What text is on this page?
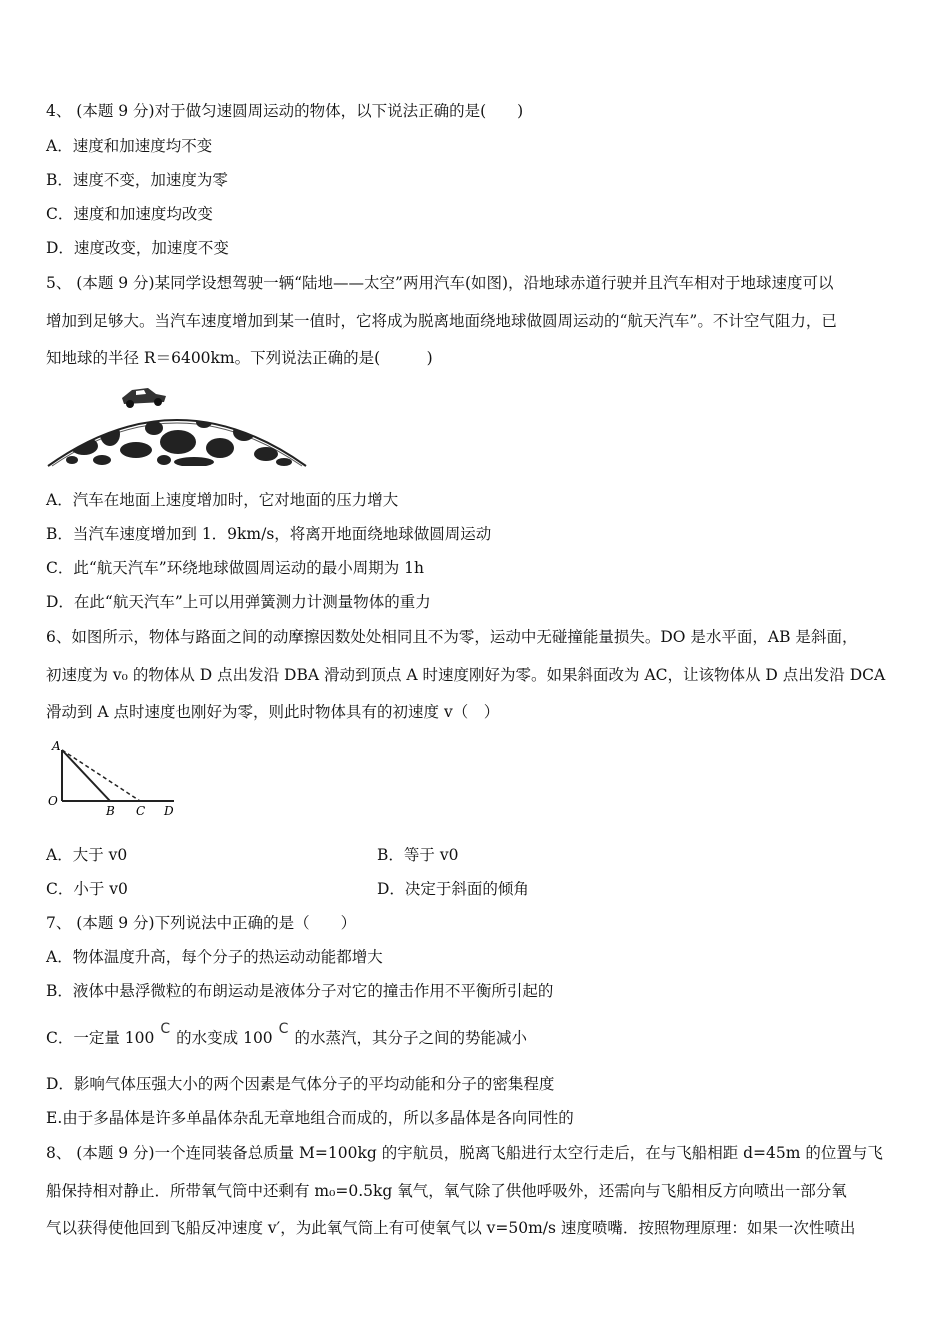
4、 (本题 9 分)对于做匀速圆周运动的物体，以下说法正确的是(　　)
A．速度和加速度均不变
B．速度不变，加速度为零
C．速度和加速度均改变
D．速度改变，加速度不变
5、 (本题 9 分)某同学设想驾驶一辆“陆地——太空”两用汽车(如图)，沿地球赤道行驶并且汽车相对于地球速度可以
增加到足够大。当汽车速度增加到某一值时，它将成为脱离地面绕地球做圆周运动的“航天汽车”。不计空气阻力，已
知地球的半径 R＝6400km。下列说法正确的是(　　　)
A．汽车在地面上速度增加时，它对地面的压力增大
B．当汽车速度增加到 1．9km/s，将离开地面绕地球做圆周运动
C．此“航天汽车”环绕地球做圆周运动的最小周期为 1h
D．在此“航天汽车”上可以用弹簧测力计测量物体的重力
6、如图所示，物体与路面之间的动摩擦因数处处相同且不为零，运动中无碰撞能量损失。DO 是水平面，AB 是斜面，
初速度为 v₀ 的物体从 D 点出发沿 DBA 滑动到顶点 A 时速度刚好为零。如果斜面改为 AC，让该物体从 D 点出发沿 DCA
滑动到 A 点时速度也刚好为零，则此时物体具有的初速度 v（　）
A
O
B C D
A．大于 v0	B．等于 v0
C．小于 v0	D．决定于斜面的倾角
7、 (本题 9 分)下列说法中正确的是（　　）
A．物体温度升高，每个分子的热运动动能都增大
B．液体中悬浮微粒的布朗运动是液体分子对它的撞击作用不平衡所引起的
C．一定量 100 C 的水变成 100 C 的水蒸汽，其分子之间的势能减小
D．影响气体压强大小的两个因素是气体分子的平均动能和分子的密集程度
E.由于多晶体是许多单晶体杂乱无章地组合而成的，所以多晶体是各向同性的
8、 (本题 9 分)一个连同装备总质量 M=100kg 的宇航员，脱离飞船进行太空行走后，在与飞船相距 d=45m 的位置与飞
船保持相对静止．所带氧气筒中还剩有 m₀=0.5kg 氧气，氧气除了供他呼吸外，还需向与飞船相反方向喷出一部分氧
气以获得使他回到飞船反冲速度 v′，为此氧气筒上有可使氧气以 v=50m/s 速度喷嘴．按照物理原理：如果一次性喷出
